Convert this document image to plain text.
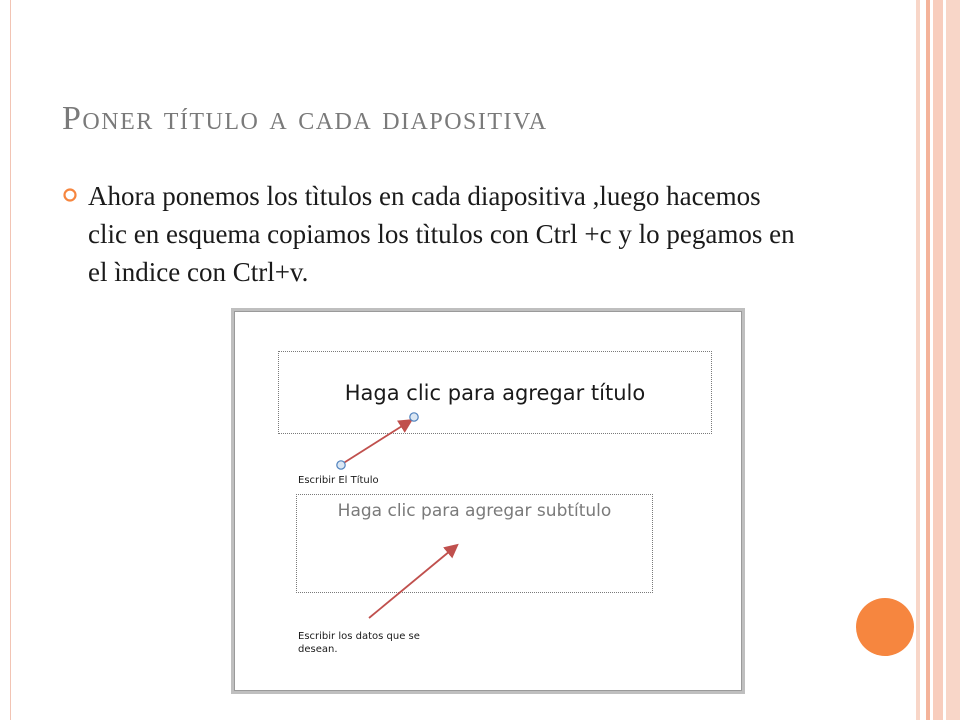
Poner título a cada diapositiva

Ahora ponemos los tìtulos en cada diapositiva ,luego hacemos clic en esquema copiamos los tìtulos con Ctrl +c y lo pegamos en el ìndice con Ctrl+v.

Haga clic para agregar título
Haga clic para agregar subtítulo
Escribir El Título
Escribir los datos que se desean.
